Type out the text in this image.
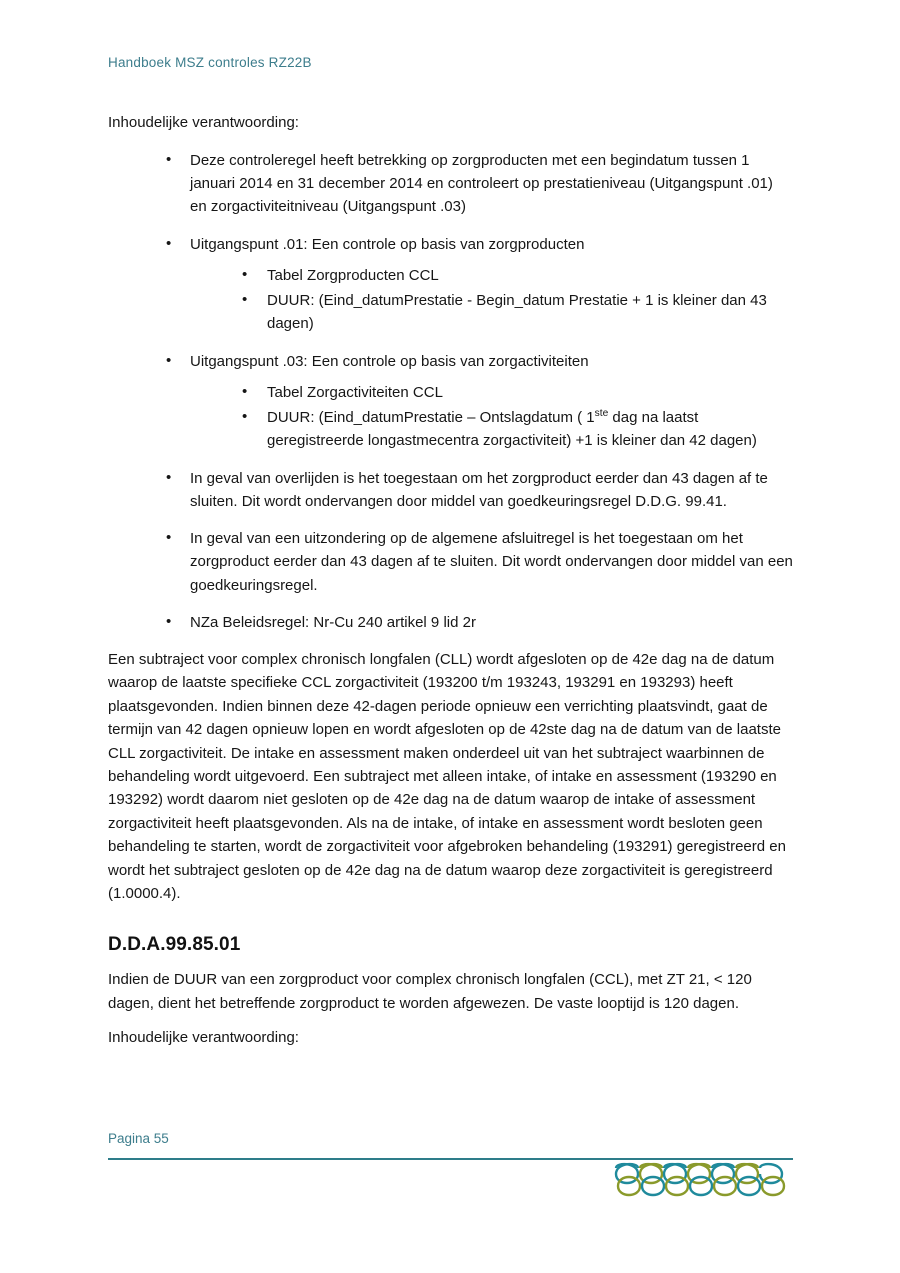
Handboek MSZ controles RZ22B

Inhoudelijke verantwoording:

• Deze controleregel heeft betrekking op zorgproducten met een begindatum tussen 1 januari 2014 en 31 december 2014 en controleert op prestatieniveau (Uitgangspunt .01) en zorgactiviteitniveau (Uitgangspunt .03)
• Uitgangspunt .01: Een controle op basis van zorgproducten
• Tabel Zorgproducten CCL
• DUUR: (Eind_datumPrestatie - Begin_datum Prestatie + 1 is kleiner dan 43 dagen)
• Uitgangspunt .03: Een controle op basis van zorgactiviteiten
• Tabel Zorgactiviteiten CCL
• DUUR: (Eind_datumPrestatie – Ontslagdatum ( 1ste dag na laatst geregistreerde longastmecentra zorgactiviteit) +1 is kleiner dan 42 dagen)
• In geval van overlijden is het toegestaan om het zorgproduct eerder dan 43 dagen af te sluiten. Dit wordt ondervangen door middel van goedkeuringsregel D.D.G. 99.41.
• In geval van een uitzondering op de algemene afsluitregel is het toegestaan om het zorgproduct eerder dan 43 dagen af te sluiten. Dit wordt ondervangen door middel van een goedkeuringsregel.
• NZa Beleidsregel: Nr-Cu 240 artikel 9 lid 2r

Een subtraject voor complex chronisch longfalen (CLL) wordt afgesloten op de 42e dag na de datum waarop de laatste specifieke CCL zorgactiviteit (193200 t/m 193243, 193291 en 193293) heeft plaatsgevonden. Indien binnen deze 42-dagen periode opnieuw een verrichting plaatsvindt, gaat de termijn van 42 dagen opnieuw lopen en wordt afgesloten op de 42ste dag na de datum van de laatste CLL zorgactiviteit. De intake en assessment maken onderdeel uit van het subtraject waarbinnen de behandeling wordt uitgevoerd. Een subtraject met alleen intake, of intake en assessment (193290 en 193292) wordt daarom niet gesloten op de 42e dag na de datum waarop de intake of assessment zorgactiviteit heeft plaatsgevonden. Als na de intake, of intake en assessment wordt besloten geen behandeling te starten, wordt de zorgactiviteit voor afgebroken behandeling (193291) geregistreerd en wordt het subtraject gesloten op de 42e dag na de datum waarop deze zorgactiviteit is geregistreerd (1.0000.4).

D.D.A.99.85.01

Indien de DUUR van een zorgproduct voor complex chronisch longfalen (CCL), met ZT 21, < 120 dagen, dient het betreffende zorgproduct te worden afgewezen. De vaste looptijd is 120 dagen.

Inhoudelijke verantwoording:

Pagina 55
